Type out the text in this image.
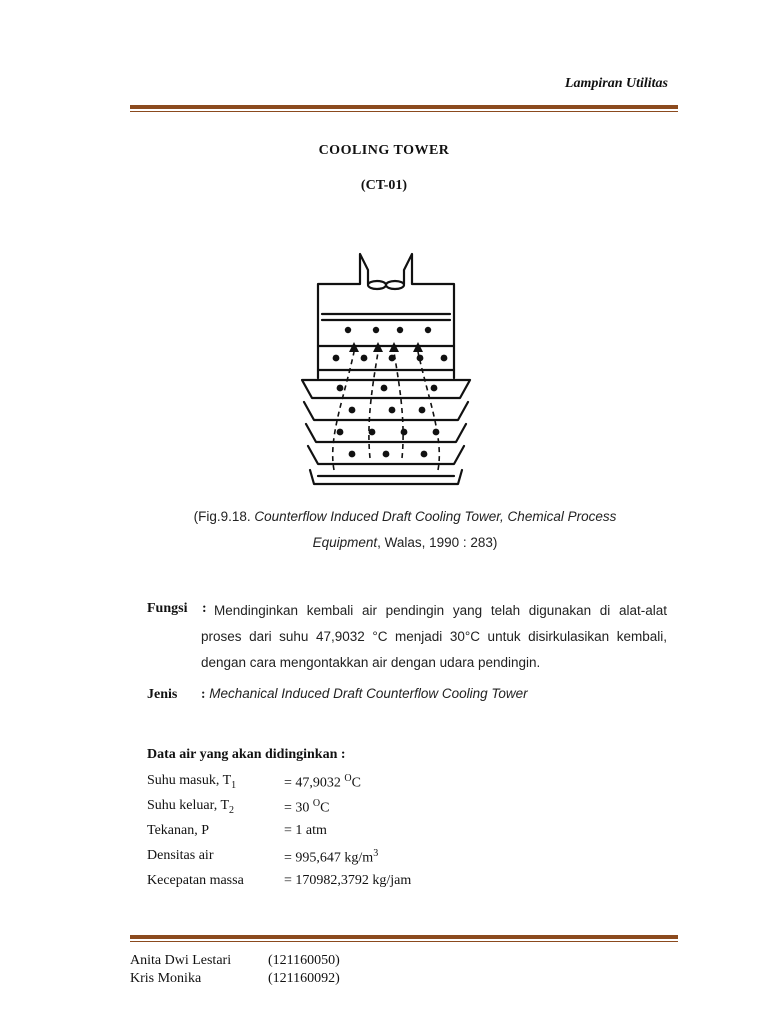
Lampiran Utilitas
COOLING TOWER
(CT-01)
(Fig.9.18. Counterflow Induced Draft Cooling Tower, Chemical Process Equipment, Walas, 1990 : 283)
Fungsi : Mendinginkan kembali air pendingin yang telah digunakan di alat-alat proses dari suhu 47,9032 °C menjadi 30°C untuk disirkulasikan kembali, dengan cara mengontakkan air dengan udara pendingin.
Jenis : Mechanical Induced Draft Counterflow Cooling Tower
Data air yang akan didinginkan :
Suhu masuk, $T_1$	= 47,9032 $^O$C
Suhu keluar, $T_2$	= 30 $^O$C
Tekanan, P	= 1 atm
Densitas air	= 995,647 $kg/m^3$
Kecepatan massa	= 170982,3792 kg/jam
Anita Dwi Lestari	(121160050)
Kris Monika	(121160092)
